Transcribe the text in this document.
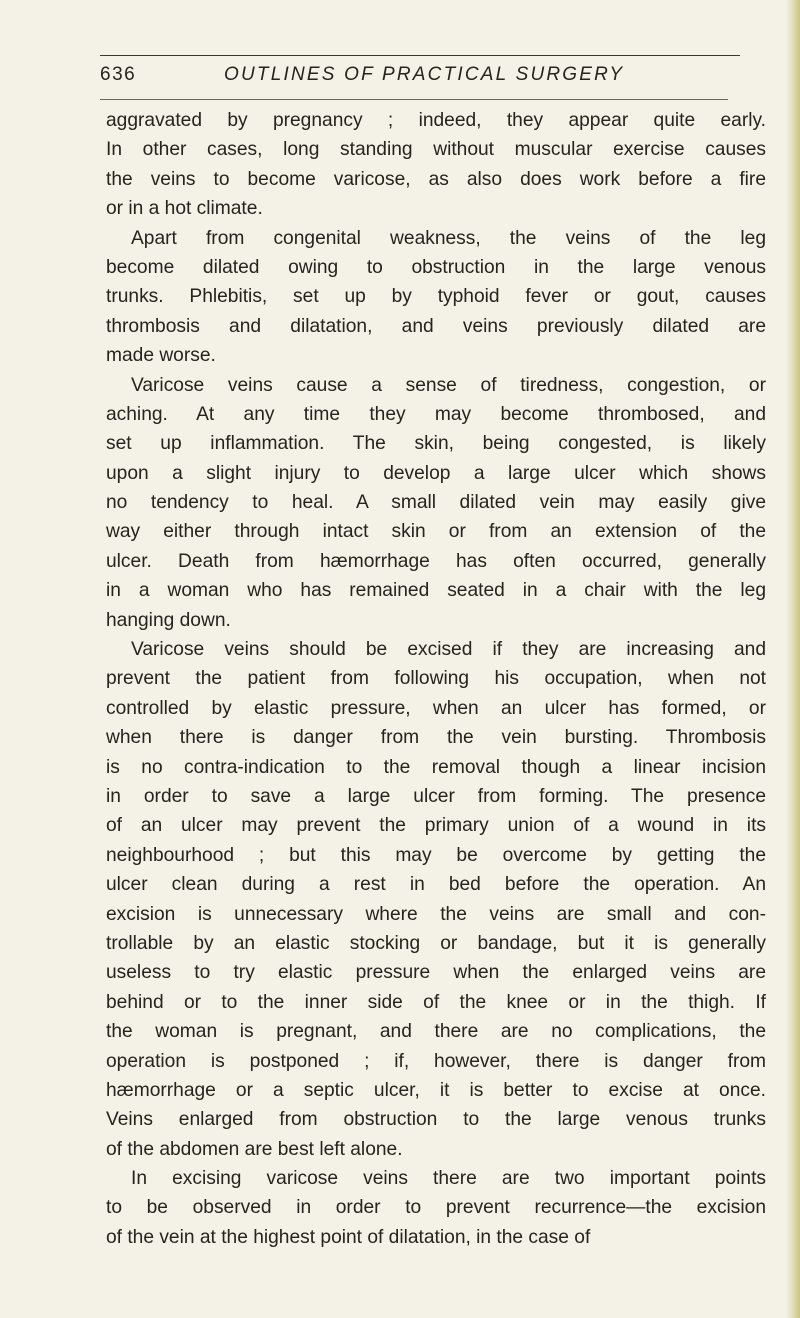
636	OUTLINES OF PRACTICAL SURGERY
aggravated by pregnancy ; indeed, they appear quite early.
In other cases, long standing without muscular exercise causes
the veins to become varicose, as also does work before a fire
or in a hot climate.
Apart from congenital weakness, the veins of the leg
become dilated owing to obstruction in the large venous
trunks. Phlebitis, set up by typhoid fever or gout, causes
thrombosis and dilatation, and veins previously dilated are
made worse.
Varicose veins cause a sense of tiredness, congestion, or
aching. At any time they may become thrombosed, and
set up inflammation. The skin, being congested, is likely
upon a slight injury to develop a large ulcer which shows
no tendency to heal. A small dilated vein may easily give
way either through intact skin or from an extension of the
ulcer. Death from hæmorrhage has often occurred, generally
in a woman who has remained seated in a chair with the leg
hanging down.
Varicose veins should be excised if they are increasing and
prevent the patient from following his occupation, when not
controlled by elastic pressure, when an ulcer has formed, or
when there is danger from the vein bursting. Thrombosis
is no contra-indication to the removal though a linear incision
in order to save a large ulcer from forming. The presence
of an ulcer may prevent the primary union of a wound in its
neighbourhood ; but this may be overcome by getting the
ulcer clean during a rest in bed before the operation. An
excision is unnecessary where the veins are small and con-
trollable by an elastic stocking or bandage, but it is generally
useless to try elastic pressure when the enlarged veins are
behind or to the inner side of the knee or in the thigh. If
the woman is pregnant, and there are no complications, the
operation is postponed ; if, however, there is danger from
hæmorrhage or a septic ulcer, it is better to excise at once.
Veins enlarged from obstruction to the large venous trunks
of the abdomen are best left alone.
In excising varicose veins there are two important points
to be observed in order to prevent recurrence—the excision
of the vein at the highest point of dilatation, in the case of
